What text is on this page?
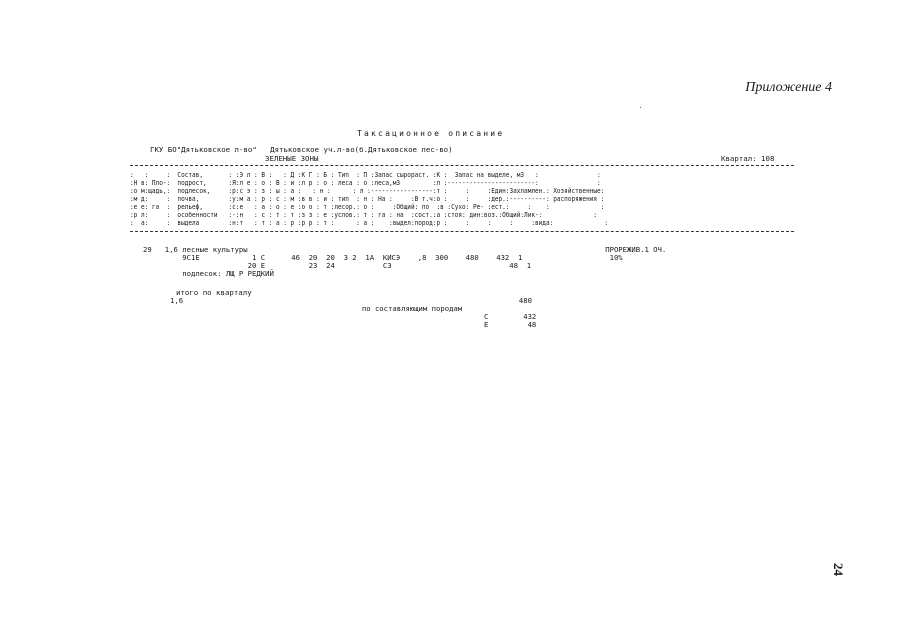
Приложение 4
Таксационное описание
ГКУ БО"Дятьковское л-во"   Дятьковское уч.л-во(б.Дятьковское лес-во)
ЗЕЛЕНЫЕ ЗОНЫ	Квартал: 108
:   :     :  Состав,       : :Э л : В :   : Д :К Г : Б : Тип  : П :Запас сырораст. :К :  Запас на выделе, м3   :                :
:Н в: Пло-:  подрост,      :Я:л е : о : В : и :л р : о : леса : о :леса,м3         :л :------------------------:                :
:о м:щадь,:  подлесок,     :р:с э : з : ы : а :   : н :      : л :-----------------:т :     :     :Един:Захламлен.: Хозяйственные:
:м д:     :  почва,        :у:м а : р : с : м :в в : и : тип  : н : На :     :В т.ч:о :     :     :дер.:----------: распоряжения :
:е е: га  :  рельеф,       :с:е   : а : о : е :о о : т :лесор.: о :     :Общий: по  :в :Сухо: Ре- :ест.:     :    :              :
:р л:     :  особенности   :-:н   : с : т : т :з з : е :услов.: т : га : на  :сост.:а :стоя: дин:воз.:Общий:Лик-:              :
:  а:     :  выдела        :н:т   : т : а : р :р р : т :      : а :    :выдел:пород:р :     :     :     :     :вида:              :
29   1,6 лесные культуры                                                                                  ПРОРЕЖИВ.1 ОЧ.
9С1Е            1 С      46  20  20  3 2  1А  КИСЭ    ,8  300    480    432  1                    10%
20 Е          23  24           С3                           48  1
подлесок: ЛЩ Р РЕДКИЙ
итого по кварталу
1,6                                                                             480
по составляющим породам
С        432
Е         48
24
